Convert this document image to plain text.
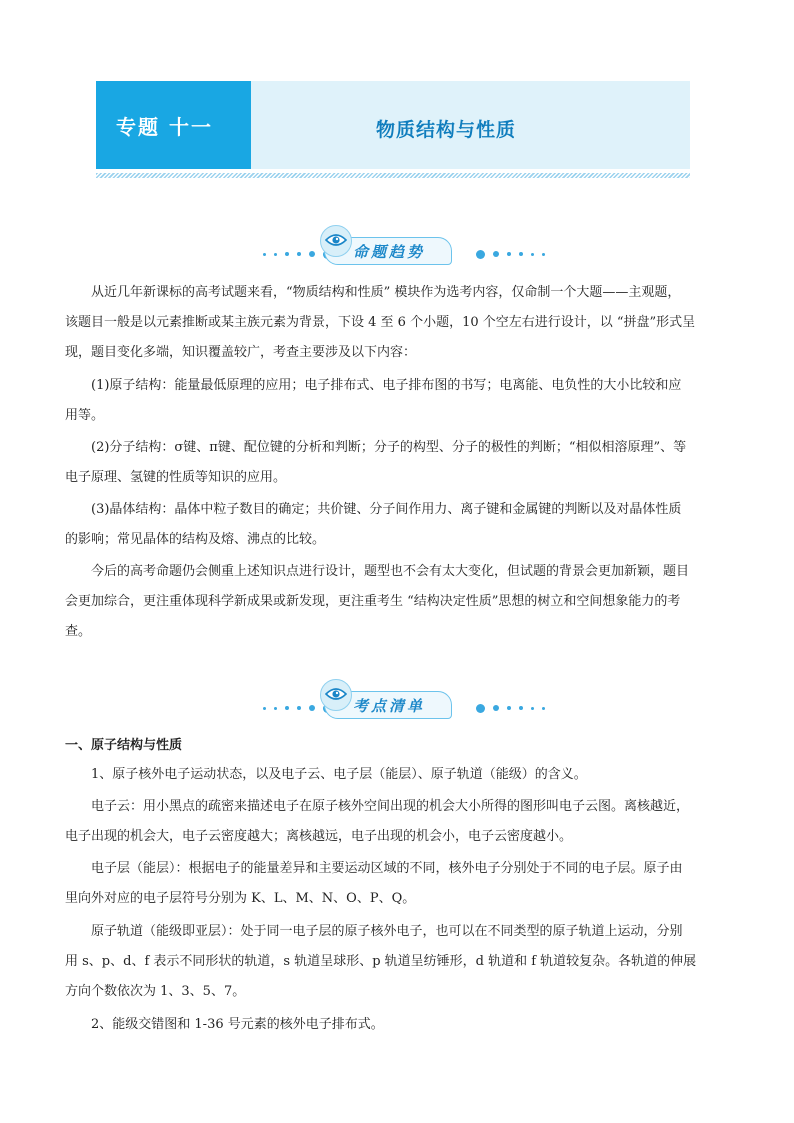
专题 十一	物质结构与性质
命题趋势

从近几年新课标的高考试题来看，“物质结构和性质” 模块作为选考内容，仅命制一个大题——主观题，
该题目一般是以元素推断或某主族元素为背景，下设 4 至 6 个小题，10 个空左右进行设计，以 “拼盘”形式呈
现，题目变化多端，知识覆盖较广，考查主要涉及以下内容：

(1)原子结构：能量最低原理的应用；电子排布式、电子排布图的书写；电离能、电负性的大小比较和应
用等。

(2)分子结构：σ键、π键、配位键的分析和判断；分子的构型、分子的极性的判断；“相似相溶原理”、等
电子原理、氢键的性质等知识的应用。

(3)晶体结构：晶体中粒子数目的确定；共价键、分子间作用力、离子键和金属键的判断以及对晶体性质
的影响；常见晶体的结构及熔、沸点的比较。

今后的高考命题仍会侧重上述知识点进行设计，题型也不会有太大变化，但试题的背景会更加新颖，题目
会更加综合，更注重体现科学新成果或新发现，更注重考生 “结构决定性质”思想的树立和空间想象能力的考
查。

考点清单
一、原子结构与性质

1、原子核外电子运动状态，以及电子云、电子层（能层）、原子轨道（能级）的含义。

电子云：用小黑点的疏密来描述电子在原子核外空间出现的机会大小所得的图形叫电子云图。离核越近，
电子出现的机会大，电子云密度越大；离核越远，电子出现的机会小，电子云密度越小。

电子层（能层）：根据电子的能量差异和主要运动区域的不同，核外电子分别处于不同的电子层。原子由
里向外对应的电子层符号分别为 K、L、M、N、O、P、Q。

原子轨道（能级即亚层）：处于同一电子层的原子核外电子，也可以在不同类型的原子轨道上运动，分别
用 s、p、d、f 表示不同形状的轨道，s 轨道呈球形、p 轨道呈纺锤形，d 轨道和 f 轨道较复杂。各轨道的伸展
方向个数依次为 1、3、5、7。

2、能级交错图和 1-36 号元素的核外电子排布式。
